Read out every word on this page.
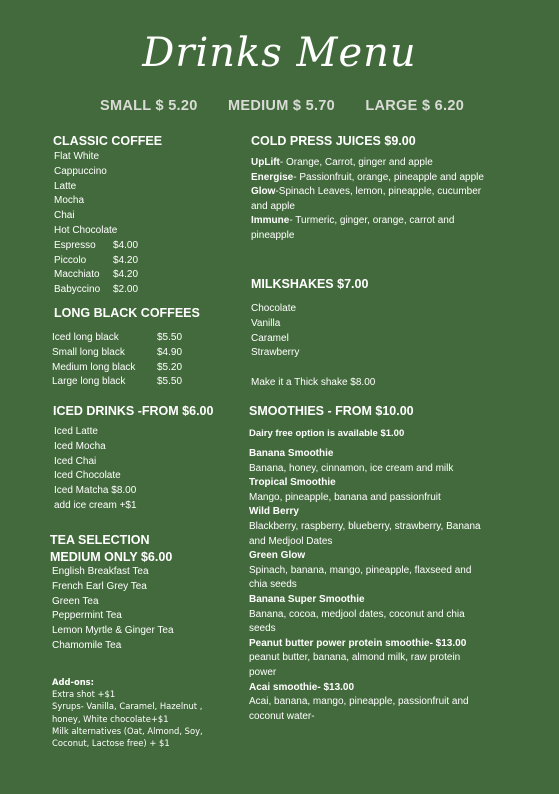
Drinks Menu
SMALL $ 5.20 MEDIUM $ 5.70 LARGE $ 6.20
CLASSIC COFFEE
Flat White
Cappuccino
Latte
Mocha
Chai
Hot Chocolate
Espresso	$4.00
Piccolo	$4.20
Macchiato	$4.20
Babyccino	$2.00
LONG BLACK COFFEES
Iced long black	$5.50
Small long black	$4.90
Medium long black	$5.20
Large long black	$5.50
ICED DRINKS -FROM $6.00
Iced Latte
Iced Mocha
Iced Chai
Iced Chocolate
Iced Matcha $8.00
add ice cream +$1
TEA SELECTION
MEDIUM ONLY $6.00
English Breakfast Tea
French Earl Grey Tea
Green Tea
Peppermint Tea
Lemon Myrtle & Ginger Tea
Chamomile Tea
Add-ons:
Extra shot +$1
Syrups- Vanilla, Caramel, Hazelnut ,
honey, White chocolate+$1
Milk alternatives (Oat, Almond, Soy,
Coconut, Lactose free) + $1
COLD PRESS JUICES $9.00
UpLift- Orange, Carrot, ginger and apple
Energise- Passionfruit, orange, pineapple and apple
Glow-Spinach Leaves, lemon, pineapple, cucumber
and apple
Immune- Turmeric, ginger, orange, carrot and
pineapple
MILKSHAKES $7.00
Chocolate
Vanilla
Caramel
Strawberry
Make it a Thick shake $8.00
SMOOTHIES - FROM $10.00
Dairy free option is available $1.00
Banana Smoothie
Banana, honey, cinnamon, ice cream and milk
Tropical Smoothie
Mango, pineapple, banana and passionfruit
Wild Berry
Blackberry, raspberry, blueberry, strawberry, Banana
and Medjool Dates
Green Glow
Spinach, banana, mango, pineapple, flaxseed and
chia seeds
Banana Super Smoothie
Banana, cocoa, medjool dates, coconut and chia
seeds
Peanut butter power protein smoothie- $13.00
peanut butter, banana, almond milk, raw protein
power
Acai smoothie- $13.00
Acai, banana, mango, pineapple, passionfruit and
coconut water-
